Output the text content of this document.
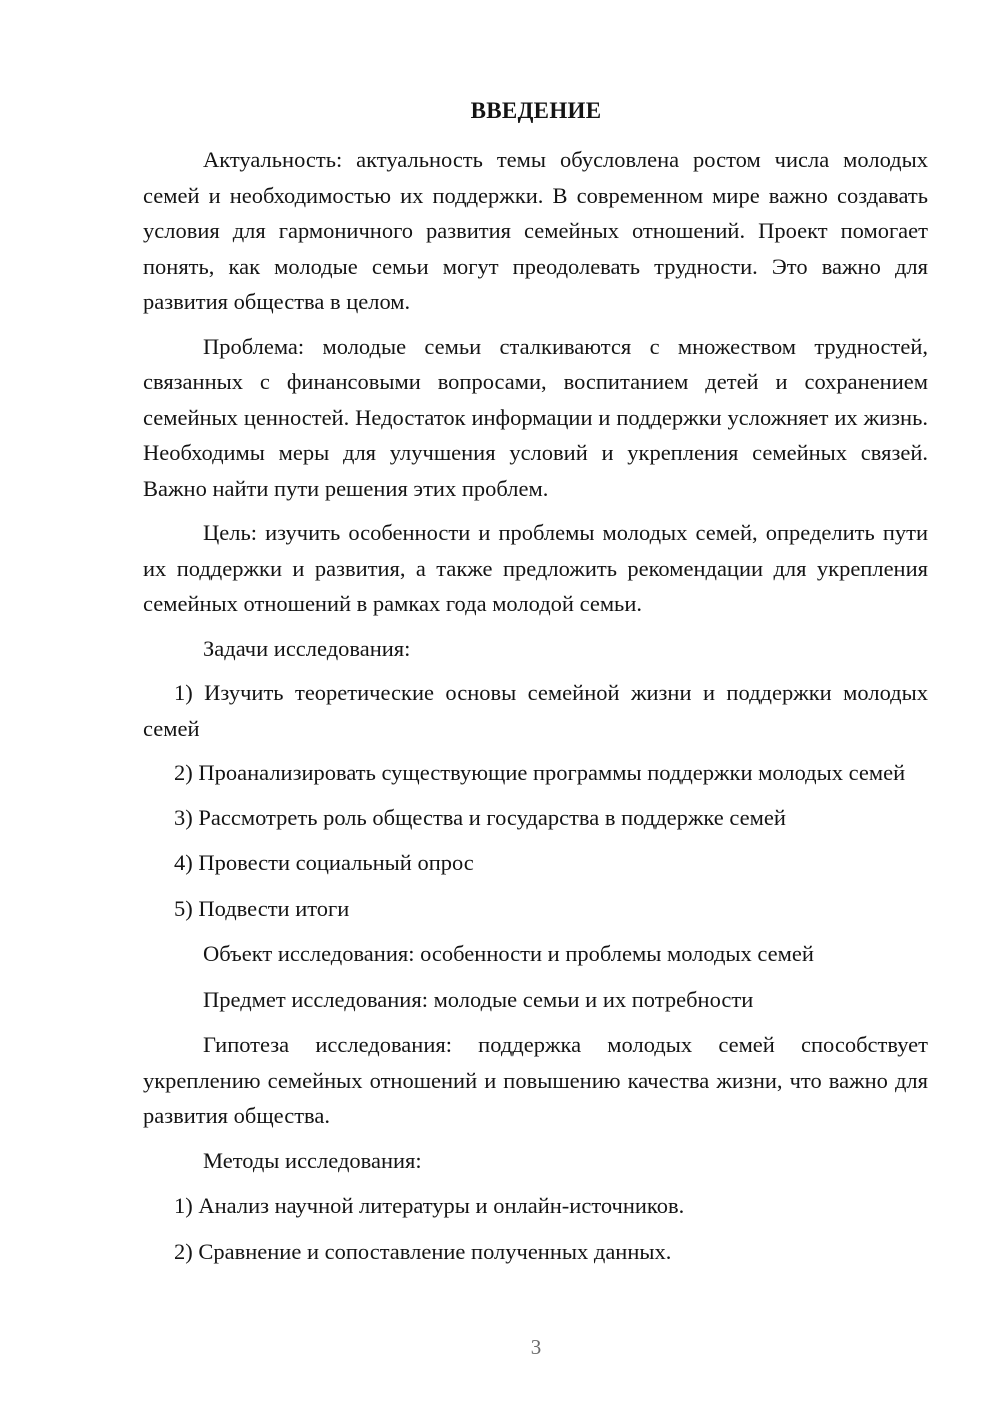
ВВЕДЕНИЕ

Актуальность: актуальность темы обусловлена ростом числа молодых семей и необходимостью их поддержки. В современном мире важно создавать условия для гармоничного развития семейных отношений. Проект помогает понять, как молодые семьи могут преодолевать трудности. Это важно для развития общества в целом.

Проблема: молодые семьи сталкиваются с множеством трудностей, связанных с финансовыми вопросами, воспитанием детей и сохранением семейных ценностей. Недостаток информации и поддержки усложняет их жизнь. Необходимы меры для улучшения условий и укрепления семейных связей. Важно найти пути решения этих проблем.

Цель: изучить особенности и проблемы молодых семей, определить пути их поддержки и развития, а также предложить рекомендации для укрепления семейных отношений в рамках года молодой семьи.

Задачи исследования:

1) Изучить теоретические основы семейной жизни и поддержки молодых семей

2) Проанализировать существующие программы поддержки молодых семей

3) Рассмотреть роль общества и государства в поддержке семей

4) Провести социальный опрос

5) Подвести итоги

Объект исследования: особенности и проблемы молодых семей

Предмет исследования: молодые семьи и их потребности

Гипотеза исследования: поддержка молодых семей способствует укреплению семейных отношений и повышению качества жизни, что важно для развития общества.

Методы исследования:

1) Анализ научной литературы и онлайн-источников.

2) Сравнение и сопоставление полученных данных.

3
